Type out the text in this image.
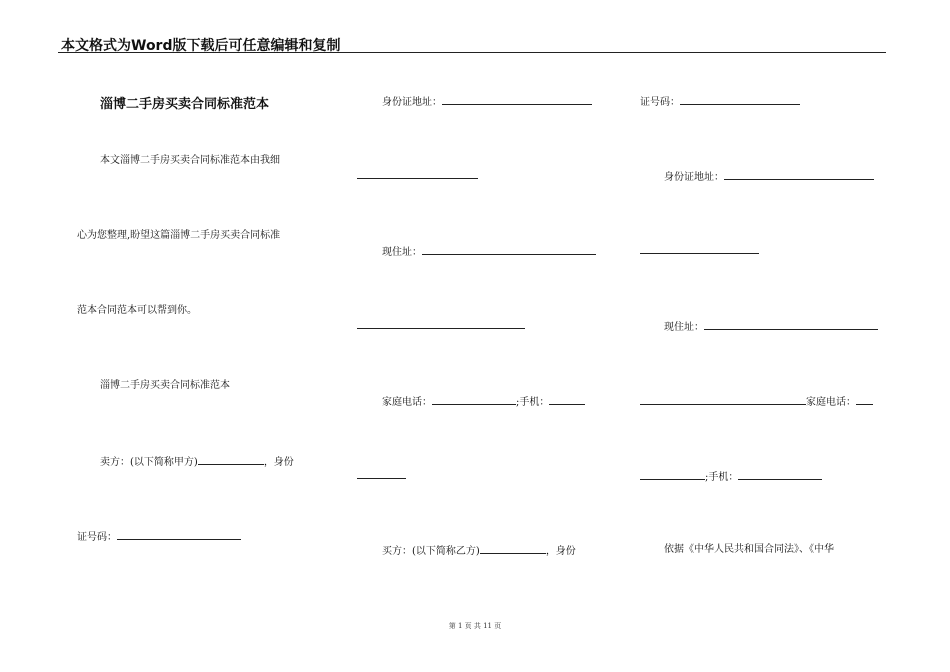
本文格式为Word版下载后可任意编辑和复制
淄博二手房买卖合同标准范本
本文淄博二手房买卖合同标准范本由我细
心为您整理,盼望这篇淄博二手房买卖合同标准
范本合同范本可以帮到你。
淄博二手房买卖合同标准范本
卖方：(以下简称甲方)	，身份
证号码：
身份证地址：
现住址：
家庭电话：	;手机：
买方：(以下简称乙方)	，身份
证号码：
身份证地址：
现住址：
家庭电话：
;手机：
依据《中华人民共和国合同法》、《中华
第 1 页 共 11 页
